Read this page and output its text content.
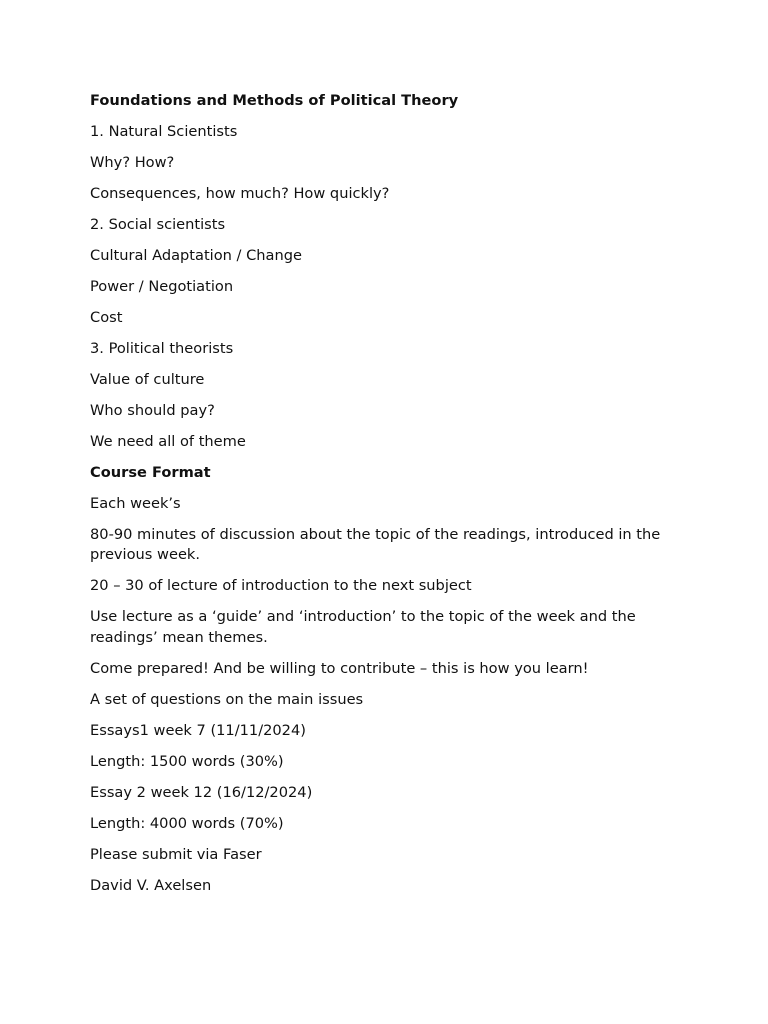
Foundations and Methods of Political Theory

1. Natural Scientists

Why? How?

Consequences, how much? How quickly?

2. Social scientists

Cultural Adaptation / Change

Power / Negotiation

Cost

3. Political theorists

Value of culture

Who should pay?

We need all of theme

Course Format

Each week’s

80-90 minutes of discussion about the topic of the readings, introduced in the previous week.

20 – 30 of lecture of introduction to the next subject

Use lecture as a ‘guide’ and ‘introduction’ to the topic of the week and the readings’ mean themes.

Come prepared! And be willing to contribute – this is how you learn!

A set of questions on the main issues

Essays1 week 7 (11/11/2024)

Length: 1500 words (30%)

Essay 2 week 12 (16/12/2024)

Length: 4000 words (70%)

Please submit via Faser

David V. Axelsen
